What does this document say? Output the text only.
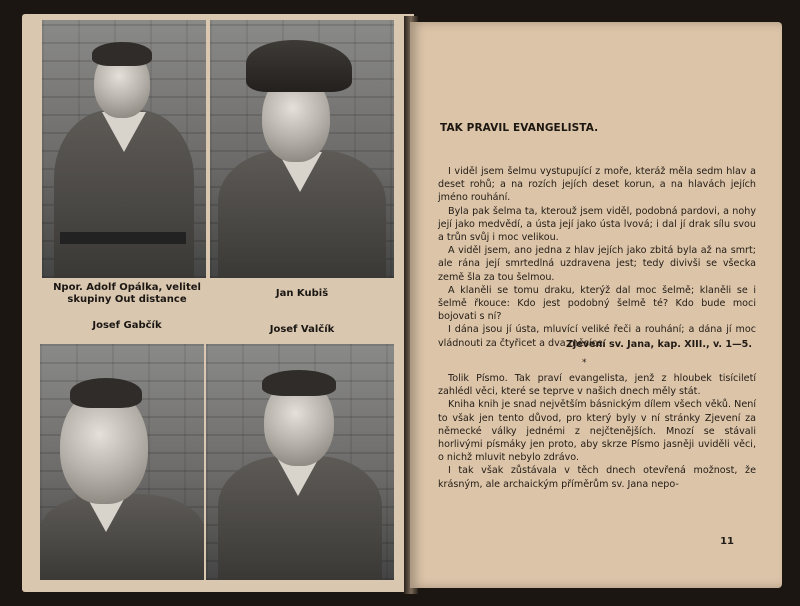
Npor. Adolf Opálka, velitel
skupiny Out distance
Jan Kubiš
Josef Gabčík	Josef Valčík
TAK PRAVIL EVANGELISTA.

I viděl jsem šelmu vystupující z moře, kteráž měla sedm hlav a deset rohů; a na rozích jejích deset korun, a na hlavách jejích jméno rouhání.

Byla pak šelma ta, kterouž jsem viděl, podobná pardovi, a nohy její jako medvědí, a ústa její jako ústa lvová; i dal jí drak sílu svou a trůn svůj i moc velikou.

A viděl jsem, ano jedna z hlav jejích jako zbitá byla až na smrt; ale rána její smrtedlná uzdravena jest; tedy divivši se všecka země šla za tou šelmou.

A klaněli se tomu draku, kterýž dal moc šelmě; klaněli se i šelmě řkouce: Kdo jest podobný šelmě té? Kdo bude moci bojovati s ní?

I dána jsou jí ústa, mluvící veliké řeči a rouhání; a dána jí moc vládnouti za čtyřicet a dva měsíce.

Zjevení sv. Jana, kap. XIII., v. 1—5.
*

Tolik Písmo. Tak praví evangelista, jenž z hloubek tisíciletí zahlédl věci, které se teprve v našich dnech měly stát.

Kniha knih je snad největším básnickým dílem všech věků. Není to však jen tento důvod, pro který byly v ní stránky Zjevení za německé války jednémi z nejčtenějších. Mnozí se stávali horlivými písmáky jen proto, aby skrze Písmo jasněji uviděli věci, o nichž mluvit nebylo zdrávo.

I tak však zůstávala v těch dnech otevřená možnost, že krásným, ale archaickým příměrům sv. Jana nepo-

11
